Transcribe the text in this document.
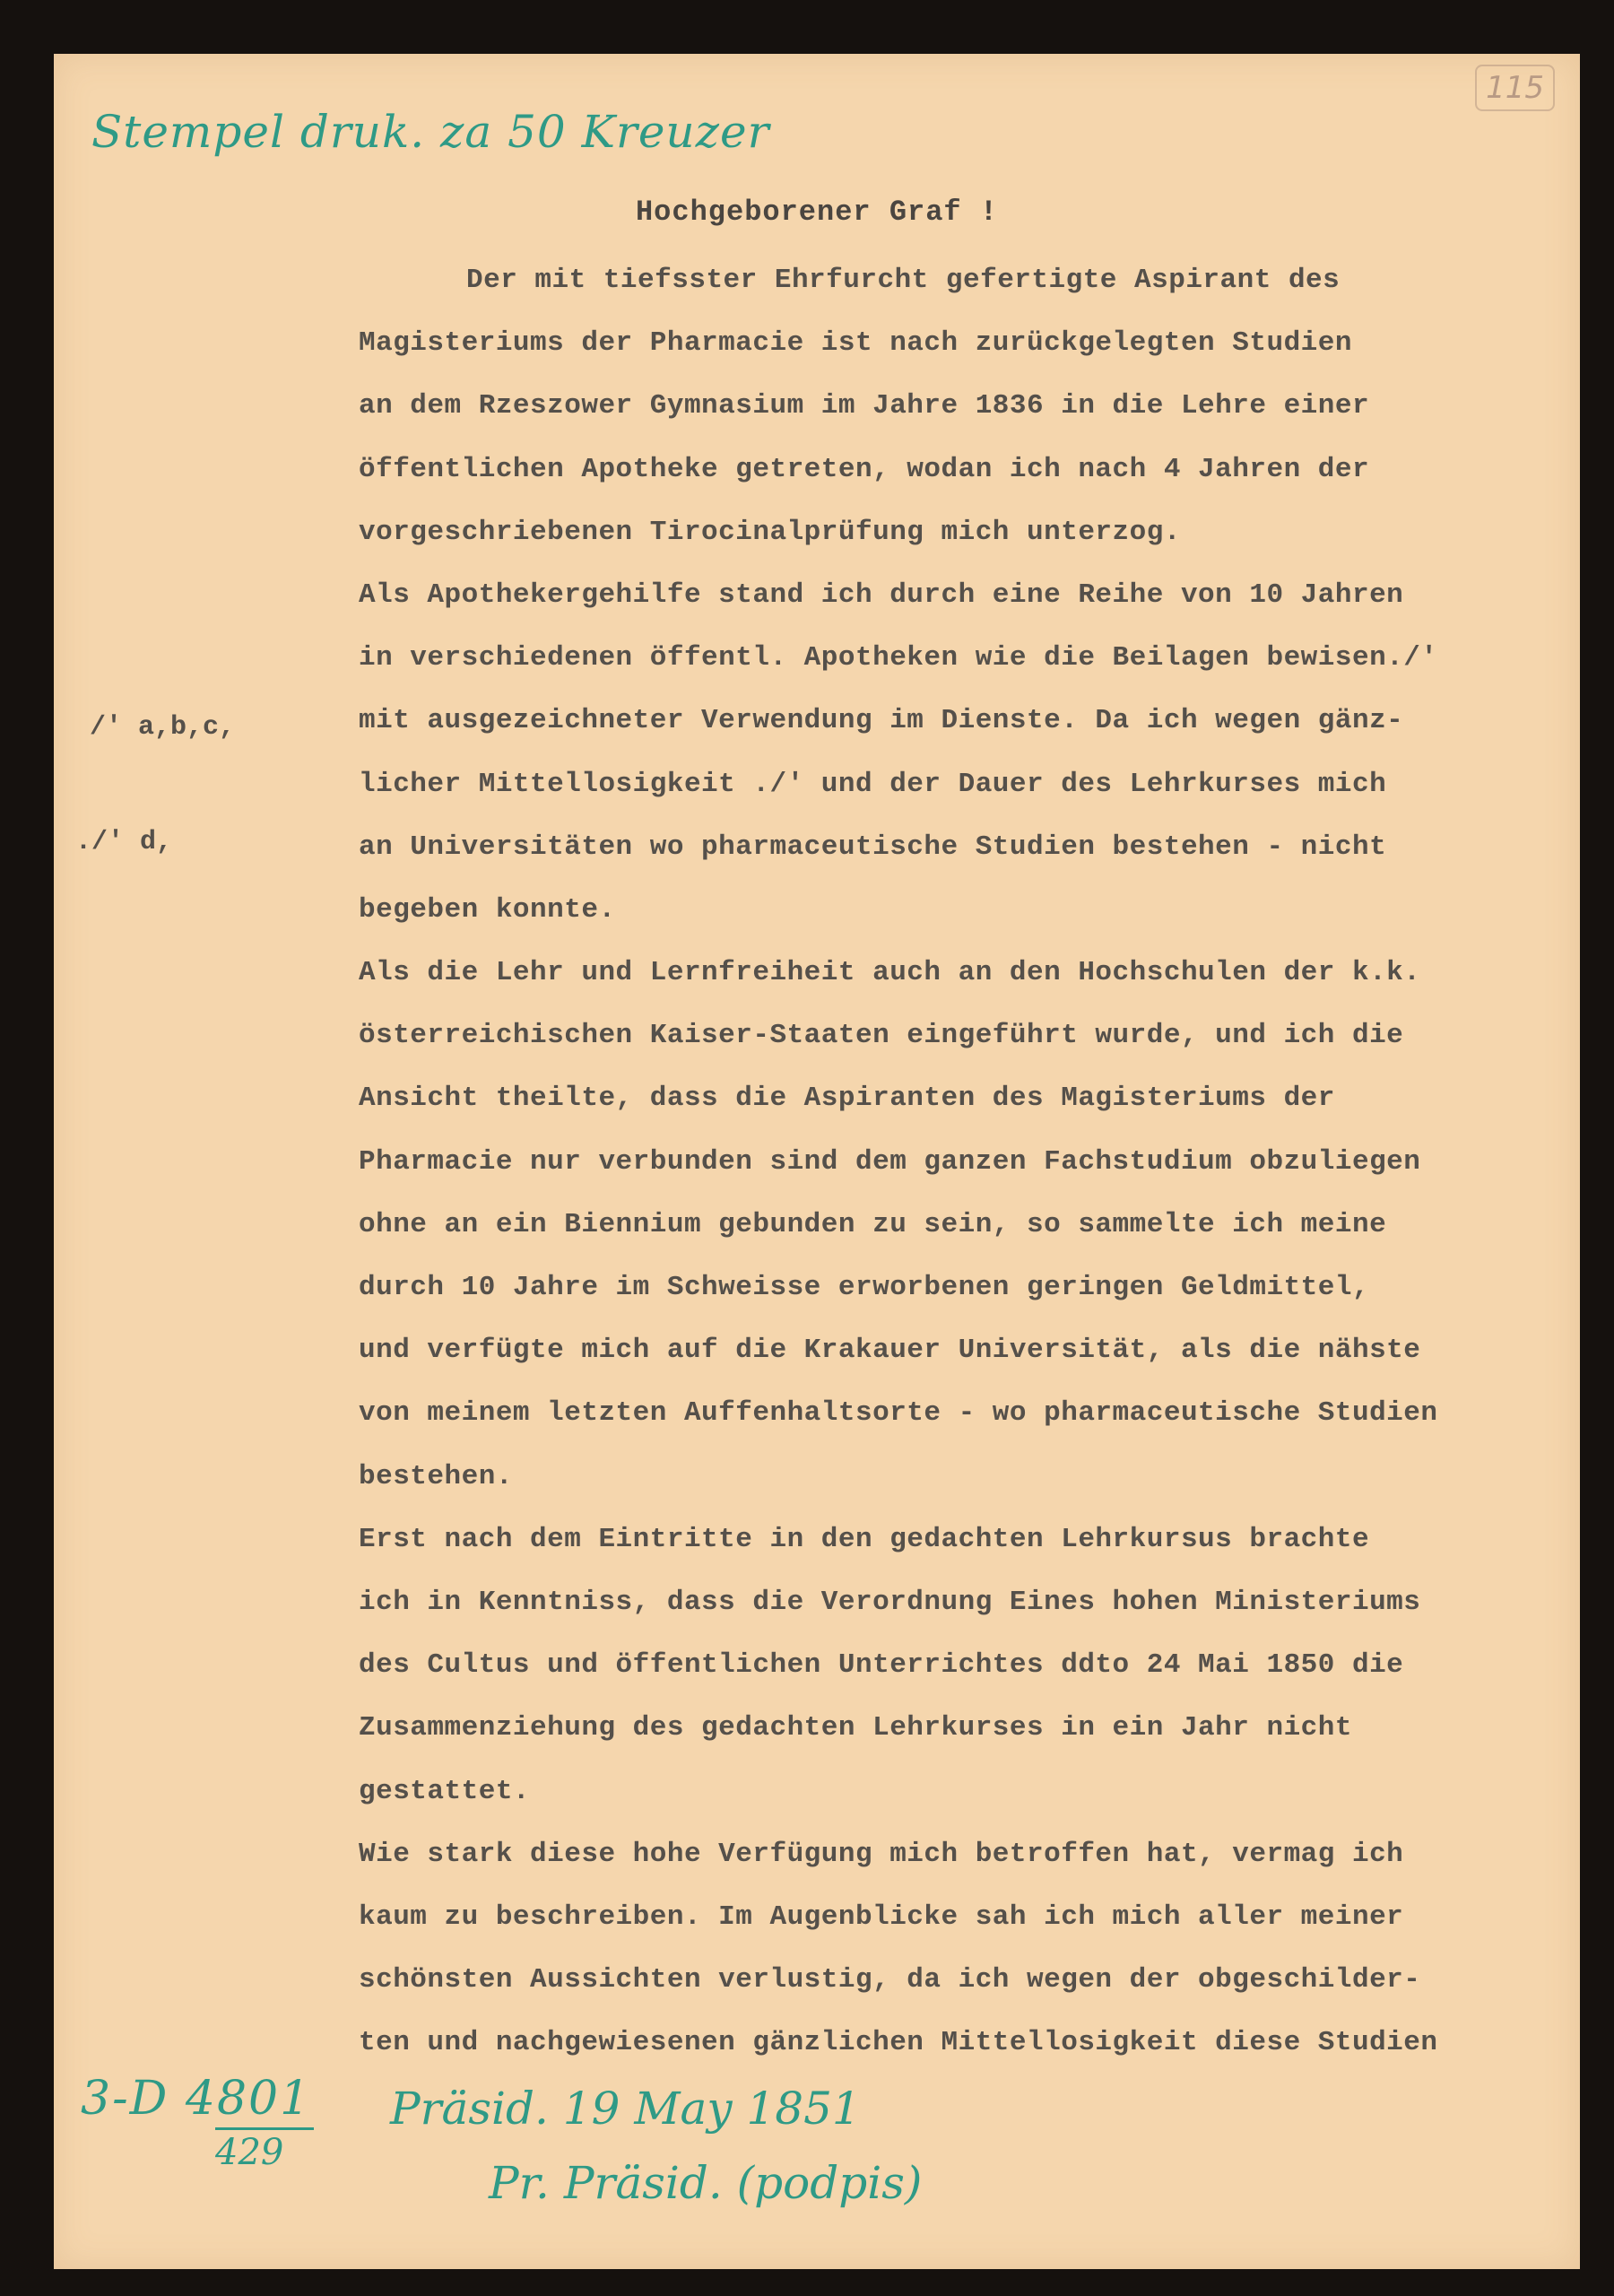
115
Stempel druk. za 50 Kreuzer
Hochgeborener Graf !
/' a,b,c,
./' d,
Der mit tiefsster Ehrfurcht gefertigte Aspirant des
Magisteriums der Pharmacie ist nach zurückgelegten Studien
an dem Rzeszower Gymnasium im Jahre 1836 in die Lehre einer
öffentlichen Apotheke getreten, wodan ich nach 4 Jahren der
vorgeschriebenen Tirocinalprüfung mich unterzog.
Als Apothekergehilfe stand ich durch eine Reihe von 10 Jahren
in verschiedenen öffentl. Apotheken wie die Beilagen bewisen./'
mit ausgezeichneter Verwendung im Dienste. Da ich wegen gänz-
licher Mittellosigkeit ./' und der Dauer des Lehrkurses mich
an Universitäten wo pharmaceutische Studien bestehen - nicht
begeben konnte.
Als die Lehr und Lernfreiheit auch an den Hochschulen der k.k.
österreichischen Kaiser-Staaten eingeführt wurde, und ich die
Ansicht theilte, dass die Aspiranten des Magisteriums der
Pharmacie nur verbunden sind dem ganzen Fachstudium obzuliegen
ohne an ein Biennium gebunden zu sein, so sammelte ich meine
durch 10 Jahre im Schweisse erworbenen geringen Geldmittel,
und verfügte mich auf die Krakauer Universität, als die nähste
von meinem letzten Auffenhaltsorte - wo pharmaceutische Studien
bestehen.
Erst nach dem Eintritte in den gedachten Lehrkursus brachte
ich in Kenntniss, dass die Verordnung Eines hohen Ministeriums
des Cultus und öffentlichen Unterrichtes ddto 24 Mai 1850 die
Zusammenziehung des gedachten Lehrkurses in ein Jahr nicht
gestattet.
Wie stark diese hohe Verfügung mich betroffen hat, vermag ich
kaum zu beschreiben. Im Augenblicke sah ich mich aller meiner
schönsten Aussichten verlustig, da ich wegen der obgeschilder-
ten und nachgewiesenen gänzlichen Mittellosigkeit diese Studien
3-D 4801
429
Präsid. 19 May 1851
Pr. Präsid. (podpis)
